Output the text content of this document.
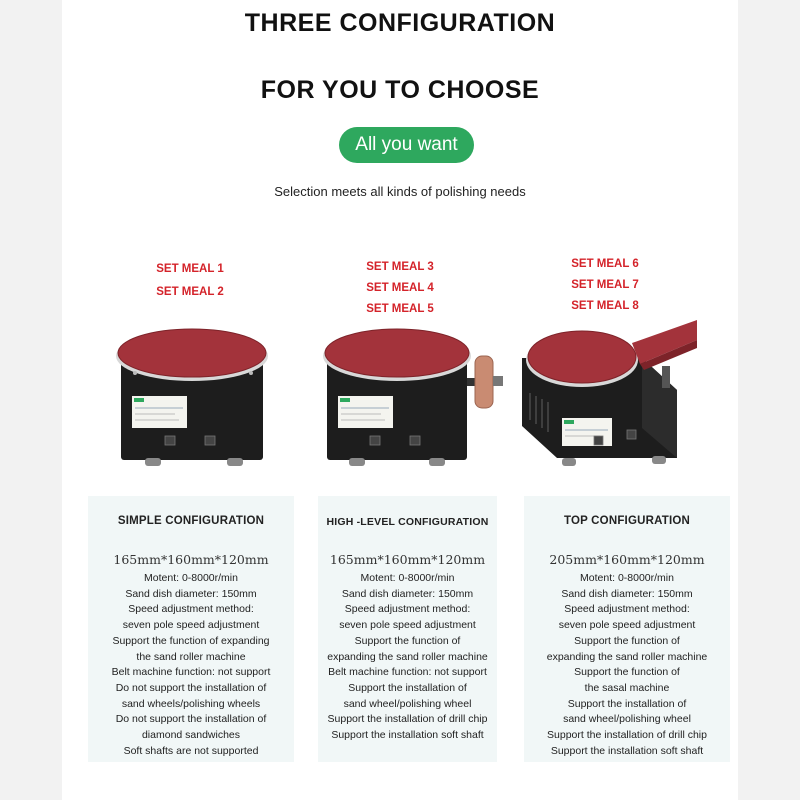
THREE CONFIGURATION
FOR YOU TO CHOOSE
All you want
Selection meets all kinds of polishing needs
SET MEAL 1
SET MEAL 2
SET MEAL 3
SET MEAL 4
SET MEAL 5
SET MEAL 6
SET MEAL 7
SET MEAL 8
SIMPLE CONFIGURATION
165mm*160mm*120mm
Motent: 0-8000r/min
Sand dish diameter: 150mm
Speed adjustment method:
seven pole speed adjustment
Support the function of expanding
the sand roller machine
Belt machine function: not support
Do not support the installation of
sand wheels/polishing wheels
Do not support the installation of
diamond sandwiches
Soft shafts are not supported
HIGH -LEVEL CONFIGURATION
165mm*160mm*120mm
Motent: 0-8000r/min
Sand dish diameter: 150mm
Speed adjustment method:
seven pole speed adjustment
Support the function of
expanding the sand roller machine
Belt machine function: not support
Support the installation of
sand wheel/polishing wheel
Support the installation of drill chip
Support the installation soft shaft
TOP CONFIGURATION
205mm*160mm*120mm
Motent: 0-8000r/min
Sand dish diameter: 150mm
Speed adjustment method:
seven pole speed adjustment
Support the function of
expanding the sand roller machine
Support the function of
the sasal machine
Support the installation of
sand wheel/polishing wheel
Support the installation of drill chip
Support the installation soft shaft
